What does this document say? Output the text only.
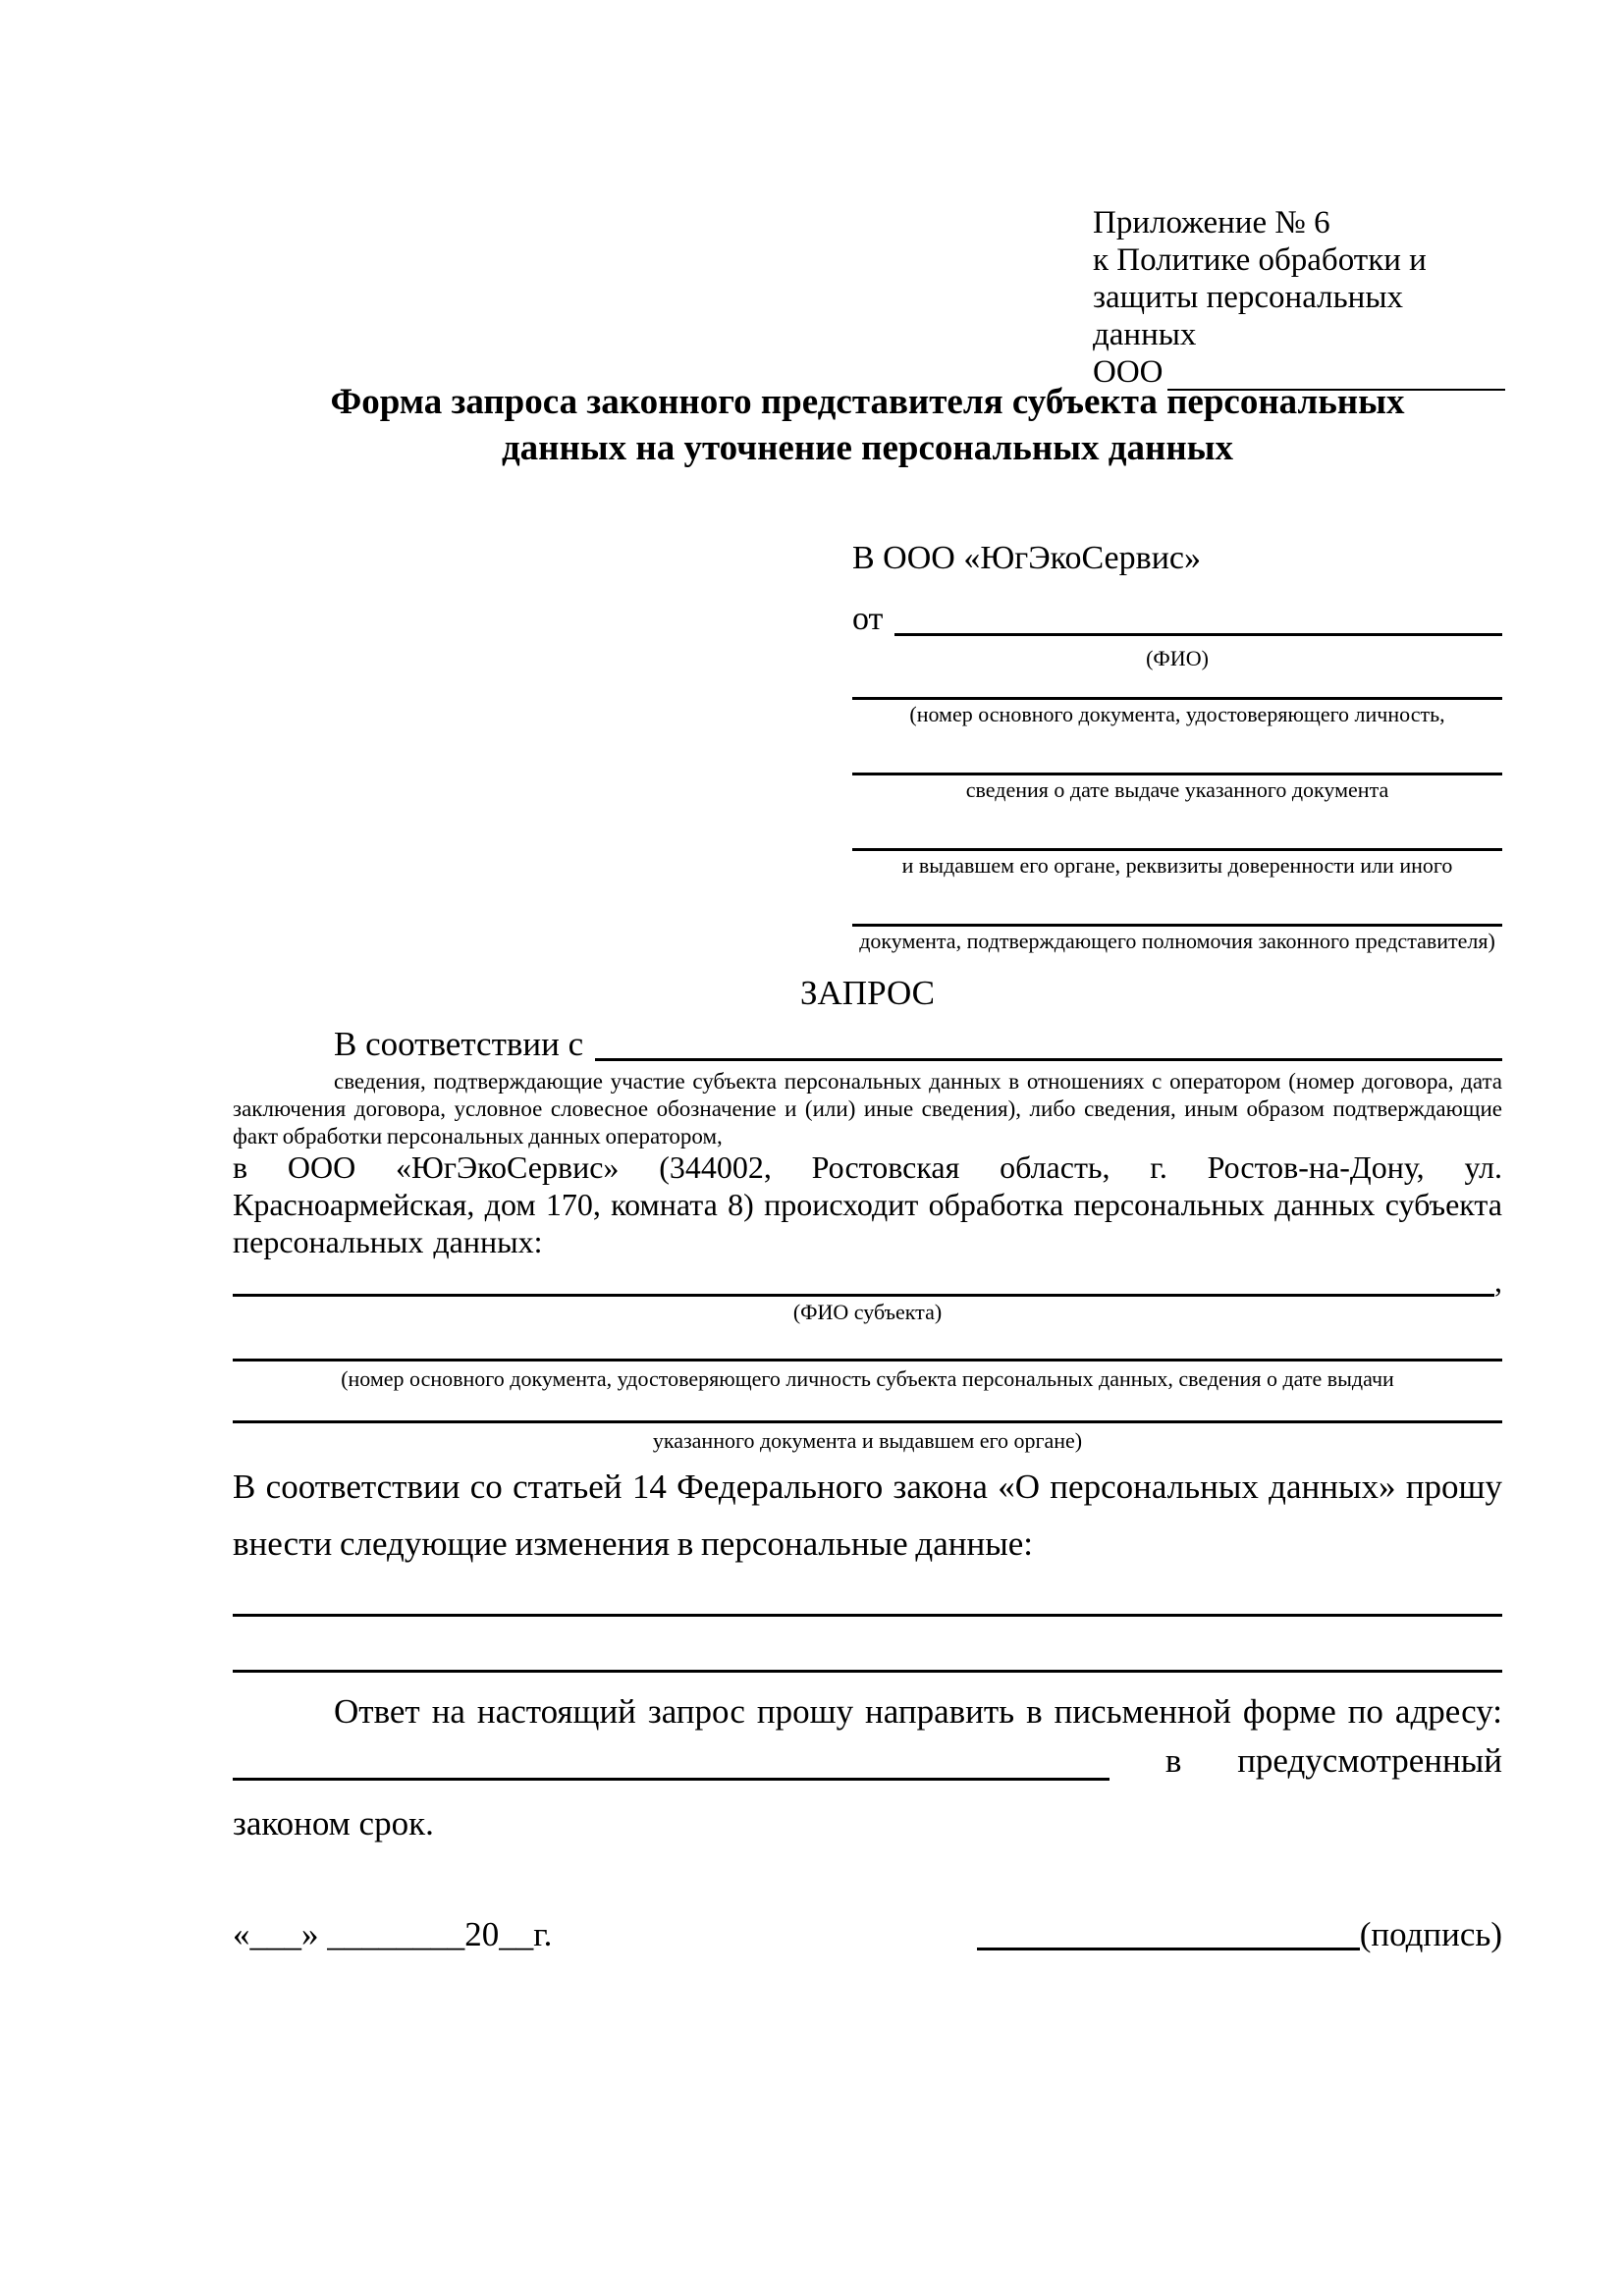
Приложение № 6
к Политике обработки и
защиты персональных данных
ООО
Форма запроса законного представителя субъекта персональных
данных на уточнение персональных данных
В ООО «ЮгЭкоСервис»
от
(ФИО)
(номер основного документа, удостоверяющего личность,
сведения о дате выдаче указанного документа
и выдавшем его органе, реквизиты доверенности или иного
документа, подтверждающего полномочия законного представителя)
ЗАПРОС
В соответствии с
сведения, подтверждающие участие субъекта персональных данных в отношениях с оператором (номер договора, дата заключения договора, условное словесное обозначение и (или) иные сведения), либо сведения, иным образом подтверждающие факт обработки персональных данных оператором,
в ООО «ЮгЭкоСервис» (344002, Ростовская область, г. Ростов-на-Дону, ул. Красноармейская, дом 170, комната 8) происходит обработка персональных данных субъекта персональных данных:
,
(ФИО субъекта)
(номер основного документа, удостоверяющего личность субъекта персональных данных, сведения о дате выдачи
указанного документа и выдавшем его органе)
В соответствии со статьей 14 Федерального закона «О персональных данных» прошу внести следующие изменения в персональные данные:
Ответ на настоящий запрос прошу направить в письменной форме по адресу:
в предусмотренный
законом срок.
«___» ________20__г.	(подпись)
